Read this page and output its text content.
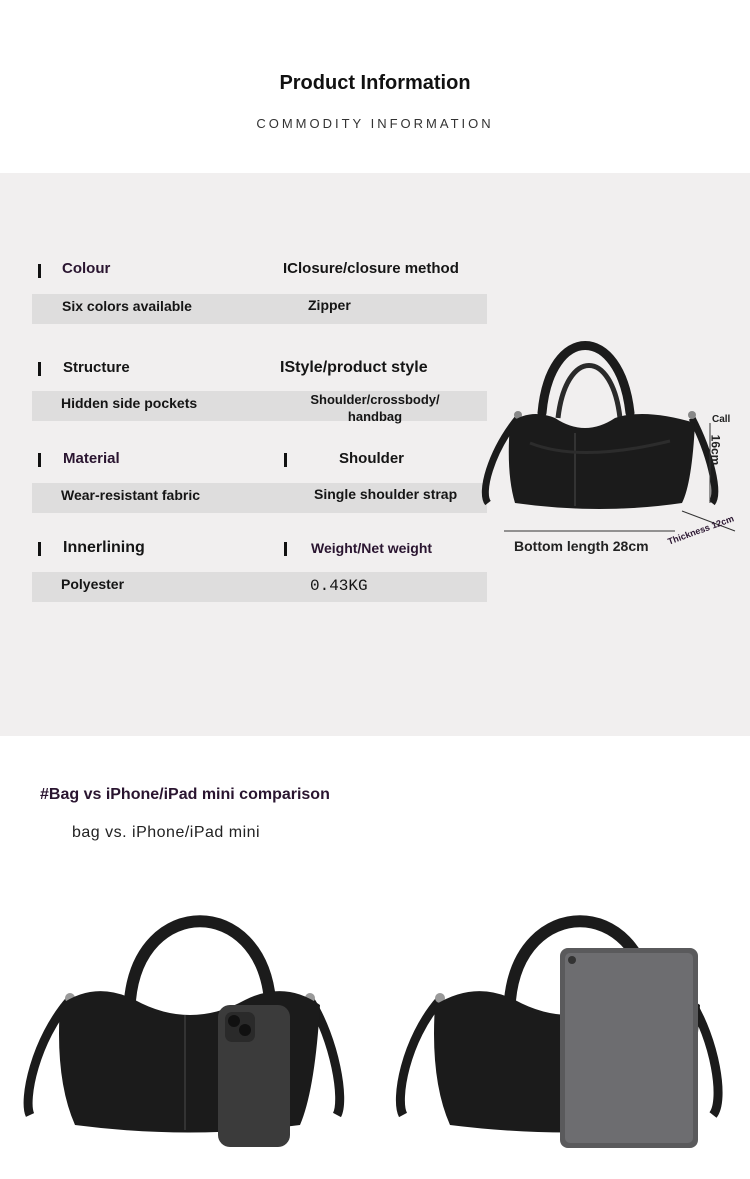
Product Information
COMMODITY INFORMATION
Colour	IClosure/closure method
Six colors available	Zipper
Structure	IStyle/product style
Hidden side pockets	Shoulder/crossbody/
handbag
Material	Shoulder
Wear-resistant fabric	Single shoulder strap
Innerlining	Weight/Net weight
Polyester	0.43KG
Bottom length 28cm
Call
16cm
Thickness 12cm
#Bag vs iPhone/iPad mini comparison
bag vs. iPhone/iPad mini
